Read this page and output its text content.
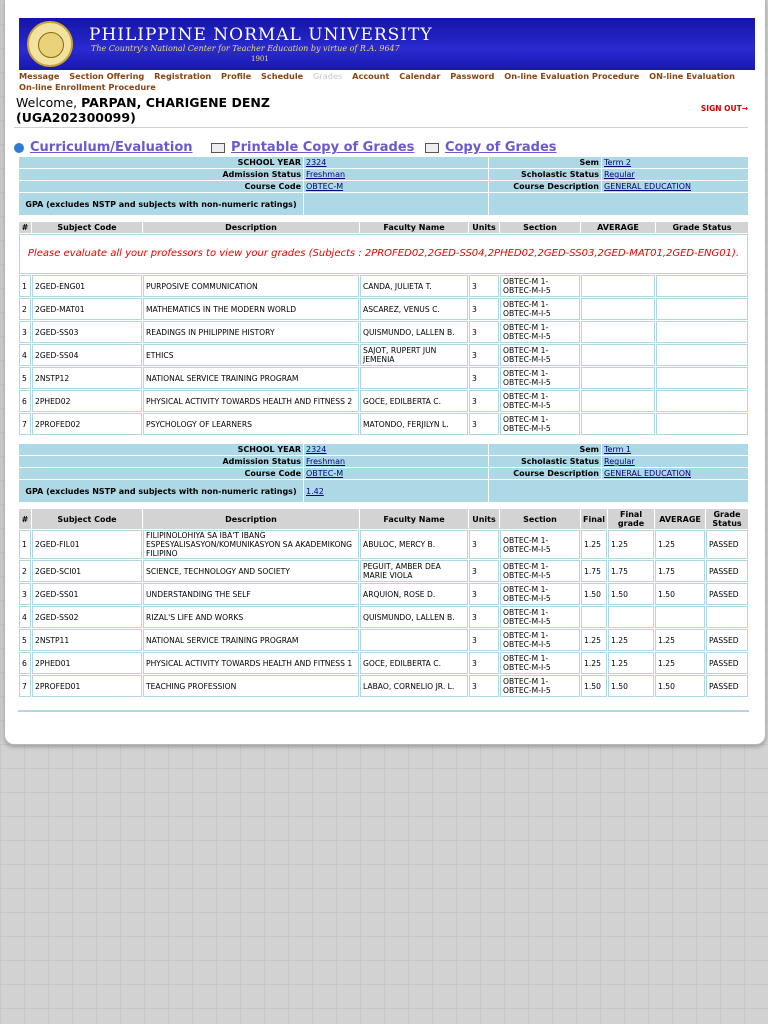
PHILIPPINE NORMAL UNIVERSITY
The Country's National Center for Teacher Education by virtue of R.A. 9647
1901
Message Section Offering Registration Profile Schedule Grades Account Calendar Password On-line Evaluation Procedure ON-line Evaluation On-line Enrollment Procedure
Welcome, PARPAN, CHARIGENE DENZ
(UGA202300099)
SIGN OUT→
Curriculum/Evaluation	Printable Copy of Grades Copy of Grades
SCHOOL YEAR	2324	Sem	Term 2
Admission Status	Freshman	Scholastic Status	Regular
Course Code	OBTEC-M	Course Description	GENERAL EDUCATION
GPA (excludes NSTP and subjects with non-numeric ratings)			
#	Subject Code	Description	Faculty Name	Units	Section	AVERAGE	Grade Status
Please evaluate all your professors to view your grades (Subjects : 2PROFED02,2GED-SS04,2PHED02,2GED-SS03,2GED-MAT01,2GED-ENG01).							
1	2GED-ENG01	PURPOSIVE COMMUNICATION	CANDA, JULIETA T.	3	OBTEC-M 1-OBTEC-M-I-5		
2	2GED-MAT01	MATHEMATICS IN THE MODERN WORLD	ASCAREZ, VENUS C.	3	OBTEC-M 1-OBTEC-M-I-5		
3	2GED-SS03	READINGS IN PHILIPPINE HISTORY	QUISMUNDO, LALLEN B.	3	OBTEC-M 1-OBTEC-M-I-5		
4	2GED-SS04	ETHICS	SAJOT, RUPERT JUN JEMENIA	3	OBTEC-M 1-OBTEC-M-I-5		
5	2NSTP12	NATIONAL SERVICE TRAINING PROGRAM		3	OBTEC-M 1-OBTEC-M-I-5		
6	2PHED02	PHYSICAL ACTIVITY TOWARDS HEALTH AND FITNESS 2	GOCE, EDILBERTA C.	3	OBTEC-M 1-OBTEC-M-I-5		
7	2PROFED02	PSYCHOLOGY OF LEARNERS	MATONDO, FERJILYN L.	3	OBTEC-M 1-OBTEC-M-I-5		
SCHOOL YEAR	2324	Sem	Term 1
Admission Status	Freshman	Scholastic Status	Regular
Course Code	OBTEC-M	Course Description	GENERAL EDUCATION
GPA (excludes NSTP and subjects with non-numeric ratings)	1.42		
#	Subject Code	Description	Faculty Name	Units	Section	Final	Final grade	AVERAGE	Grade Status
1	2GED-FIL01	FILIPINOLOHIYA SA IBA'T IBANG ESPESYALISASYON/KOMUNIKASYON SA AKADEMIKONG FILIPINO	ABULOC, MERCY B.	3	OBTEC-M 1-OBTEC-M-I-5	1.25	1.25	1.25	PASSED
2	2GED-SCI01	SCIENCE, TECHNOLOGY AND SOCIETY	PEGUIT, AMBER DEA MARIE VIOLA	3	OBTEC-M 1-OBTEC-M-I-5	1.75	1.75	1.75	PASSED
3	2GED-SS01	UNDERSTANDING THE SELF	ARQUION, ROSE D.	3	OBTEC-M 1-OBTEC-M-I-5	1.50	1.50	1.50	PASSED
4	2GED-SS02	RIZAL'S LIFE AND WORKS	QUISMUNDO, LALLEN B.	3	OBTEC-M 1-OBTEC-M-I-5				
5	2NSTP11	NATIONAL SERVICE TRAINING PROGRAM		3	OBTEC-M 1-OBTEC-M-I-5	1.25	1.25	1.25	PASSED
6	2PHED01	PHYSICAL ACTIVITY TOWARDS HEALTH AND FITNESS 1	GOCE, EDILBERTA C.	3	OBTEC-M 1-OBTEC-M-I-5	1.25	1.25	1.25	PASSED
7	2PROFED01	TEACHING PROFESSION	LABAO, CORNELIO JR. L.	3	OBTEC-M 1-OBTEC-M-I-5	1.50	1.50	1.50	PASSED
